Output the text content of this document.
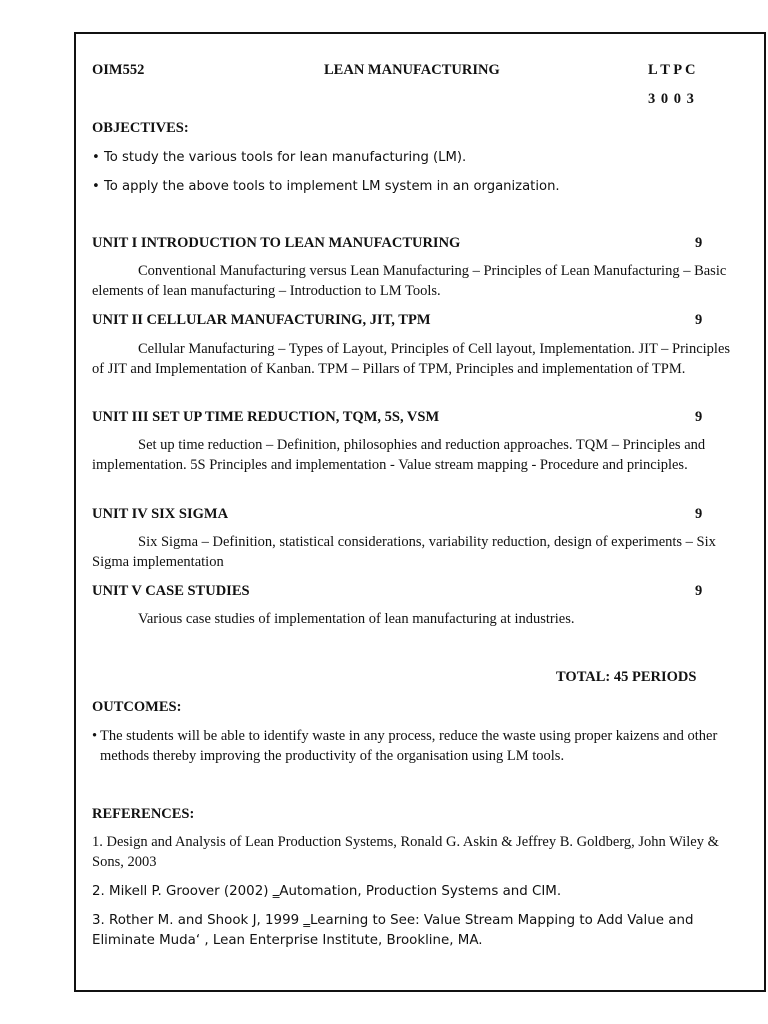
OIM552	LEAN MANUFACTURING	L T P C
3 0 0 3
OBJECTIVES:
• To study the various tools for lean manufacturing (LM).
• To apply the above tools to implement LM system in an organization.
UNIT I INTRODUCTION TO LEAN MANUFACTURING	9
Conventional Manufacturing versus Lean Manufacturing – Principles of Lean Manufacturing – Basic elements of lean manufacturing – Introduction to LM Tools.
UNIT II CELLULAR MANUFACTURING, JIT, TPM	9
Cellular Manufacturing – Types of Layout, Principles of Cell layout, Implementation. JIT – Principles of JIT and Implementation of Kanban. TPM – Pillars of TPM, Principles and implementation of TPM.
UNIT III SET UP TIME REDUCTION, TQM, 5S, VSM	9
Set up time reduction – Definition, philosophies and reduction approaches. TQM – Principles and implementation. 5S Principles and implementation - Value stream mapping - Procedure and principles.
UNIT IV SIX SIGMA	9
Six Sigma – Definition, statistical considerations, variability reduction, design of experiments – Six Sigma implementation
UNIT V CASE STUDIES	9
Various case studies of implementation of lean manufacturing at industries.
TOTAL: 45 PERIODS
OUTCOMES:
• The students will be able to identify waste in any process, reduce the waste using proper kaizens and other methods thereby improving the productivity of the organisation using LM tools.
REFERENCES:
1. Design and Analysis of Lean Production Systems, Ronald G. Askin & Jeffrey B. Goldberg, John Wiley & Sons, 2003
2. Mikell P. Groover (2002) ‗Automation, Production Systems and CIM.
3. Rother M. and Shook J, 1999 ‗Learning to See: Value Stream Mapping to Add Value and Eliminate Muda‘ , Lean Enterprise Institute, Brookline, MA.
